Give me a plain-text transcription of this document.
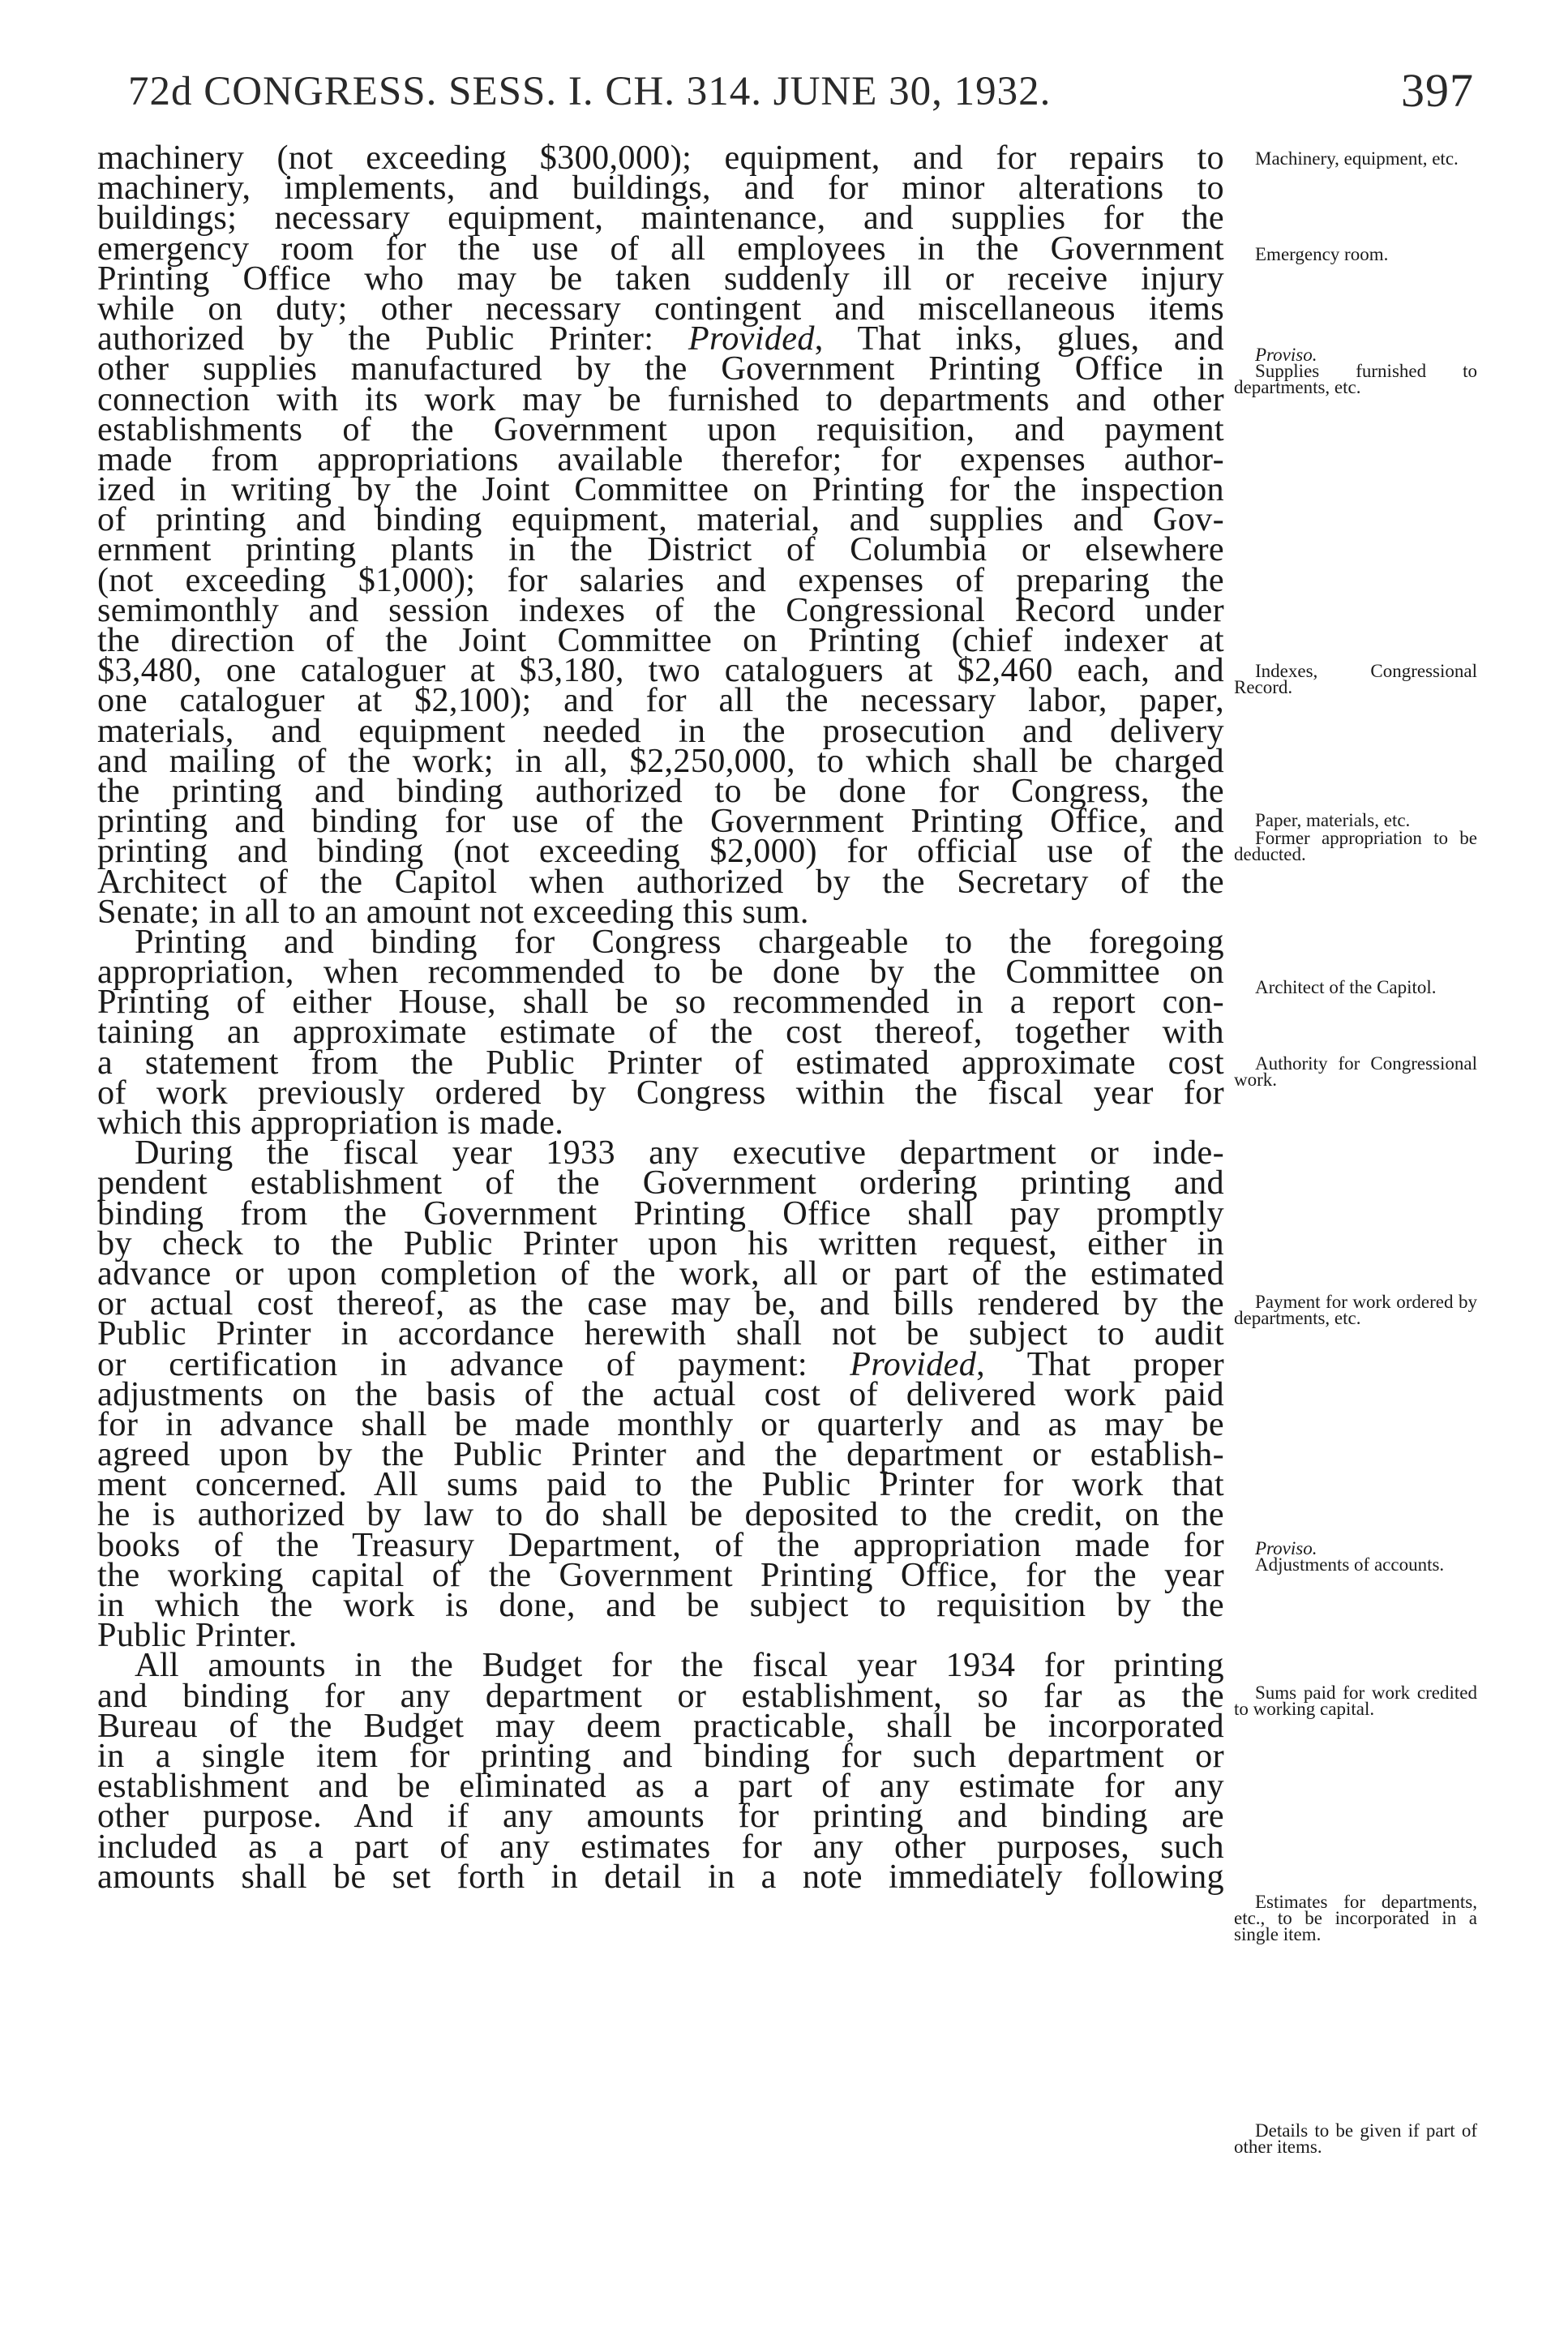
72d CONGRESS. SESS. I. CH. 314. JUNE 30, 1932.	397
machinery (not exceeding $300,000); equipment, and for repairs to
machinery, implements, and buildings, and for minor alterations to
buildings; necessary equipment, maintenance, and supplies for the
emergency room for the use of all employees in the Government
Printing Office who may be taken suddenly ill or receive injury
while on duty; other necessary contingent and miscellaneous items
authorized by the Public Printer: Provided, That inks, glues, and
other supplies manufactured by the Government Printing Office in
connection with its work may be furnished to departments and other
establishments of the Government upon requisition, and payment
made from appropriations available therefor; for expenses author-
ized in writing by the Joint Committee on Printing for the inspection
of printing and binding equipment, material, and supplies and Gov-
ernment printing plants in the District of Columbia or elsewhere
(not exceeding $1,000); for salaries and expenses of preparing the
semimonthly and session indexes of the Congressional Record under
the direction of the Joint Committee on Printing (chief indexer at
$3,480, one cataloguer at $3,180, two cataloguers at $2,460 each, and
one cataloguer at $2,100); and for all the necessary labor, paper,
materials, and equipment needed in the prosecution and delivery
and mailing of the work; in all, $2,250,000, to which shall be charged
the printing and binding authorized to be done for Congress, the
printing and binding for use of the Government Printing Office, and
printing and binding (not exceeding $2,000) for official use of the
Architect of the Capitol when authorized by the Secretary of the
Senate; in all to an amount not exceeding this sum.
Printing and binding for Congress chargeable to the foregoing
appropriation, when recommended to be done by the Committee on
Printing of either House, shall be so recommended in a report con-
taining an approximate estimate of the cost thereof, together with
a statement from the Public Printer of estimated approximate cost
of work previously ordered by Congress within the fiscal year for
which this appropriation is made.
During the fiscal year 1933 any executive department or inde-
pendent establishment of the Government ordering printing and
binding from the Government Printing Office shall pay promptly
by check to the Public Printer upon his written request, either in
advance or upon completion of the work, all or part of the estimated
or actual cost thereof, as the case may be, and bills rendered by the
Public Printer in accordance herewith shall not be subject to audit
or certification in advance of payment: Provided, That proper
adjustments on the basis of the actual cost of delivered work paid
for in advance shall be made monthly or quarterly and as may be
agreed upon by the Public Printer and the department or establish-
ment concerned. All sums paid to the Public Printer for work that
he is authorized by law to do shall be deposited to the credit, on the
books of the Treasury Department, of the appropriation made for
the working capital of the Government Printing Office, for the year
in which the work is done, and be subject to requisition by the
Public Printer.
All amounts in the Budget for the fiscal year 1934 for printing
and binding for any department or establishment, so far as the
Bureau of the Budget may deem practicable, shall be incorporated
in a single item for printing and binding for such department or
establishment and be eliminated as a part of any estimate for any
other purpose. And if any amounts for printing and binding are
included as a part of any estimates for any other purposes, such
amounts shall be set forth in detail in a note immediately following
Machinery, equipment, etc.
Emergency room.
Proviso.
Supplies furnished to departments, etc.
Indexes, Congressional Record.
Paper, materials, etc.
Former appropriation to be deducted.
Architect of the Capitol.
Authority for Congressional work.
Payment for work ordered by departments, etc.
Proviso.
Adjustments of accounts.
Sums paid for work credited to working capital.
Estimates for departments, etc., to be incorporated in a single item.
Details to be given if part of other items.
